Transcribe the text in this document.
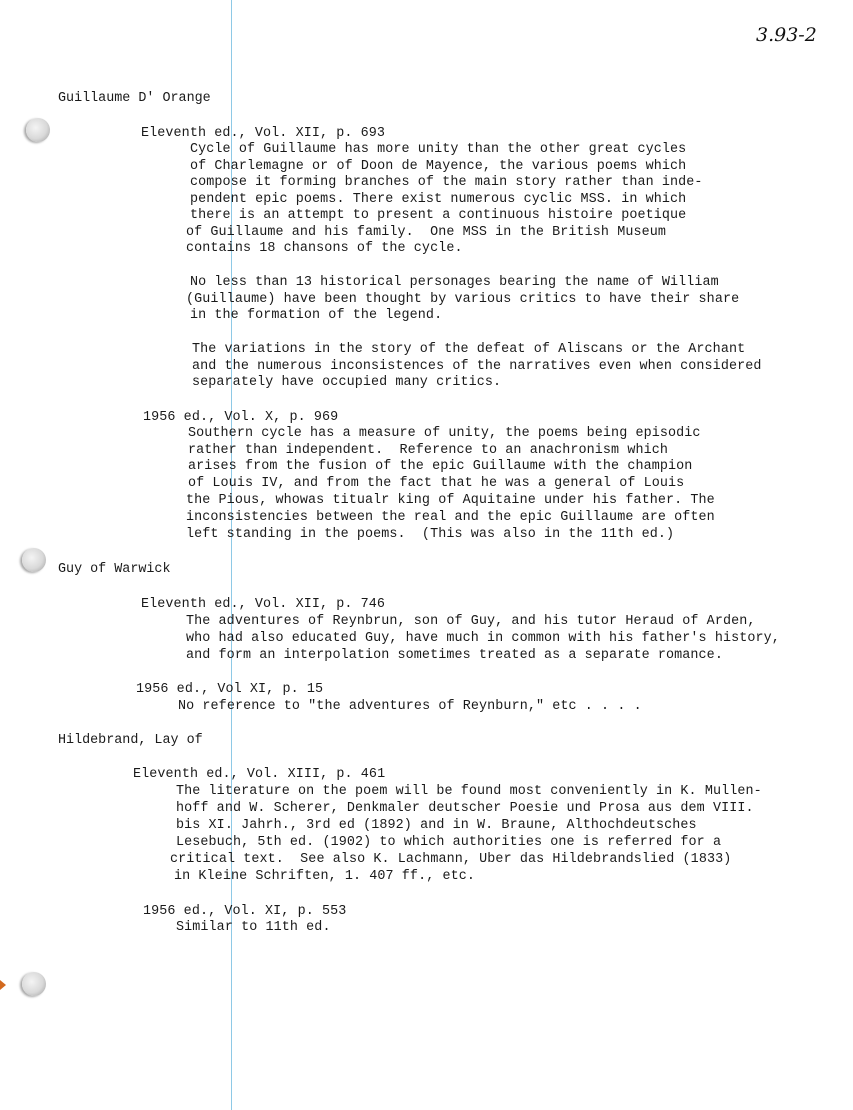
3.93-2
Guillaume D' Orange
Eleventh ed., Vol. XII, p. 693
Cycle of Guillaume has more unity than the other great cycles
of Charlemagne or of Doon de Mayence, the various poems which
compose it forming branches of the main story rather than inde-
pendent epic poems. There exist numerous cyclic MSS. in which
there is an attempt to present a continuous histoire poetique
of Guillaume and his family.  One MSS in the British Museum
contains 18 chansons of the cycle.
No less than 13 historical personages bearing the name of William
(Guillaume) have been thought by various critics to have their share
in the formation of the legend.
The variations in the story of the defeat of Aliscans or the Archant
and the numerous inconsistences of the narratives even when considered
separately have occupied many critics.
1956 ed., Vol. X, p. 969
Southern cycle has a measure of unity, the poems being episodic
rather than independent.  Reference to an anachronism which
arises from the fusion of the epic Guillaume with the champion
of Louis IV, and from the fact that he was a general of Louis
the Pious, whowas titualr king of Aquitaine under his father. The
inconsistencies between the real and the epic Guillaume are often
left standing in the poems.  (This was also in the 11th ed.)
Guy of Warwick
Eleventh ed., Vol. XII, p. 746
The adventures of Reynbrun, son of Guy, and his tutor Heraud of Arden,
who had also educated Guy, have much in common with his father's history,
and form an interpolation sometimes treated as a separate romance.
1956 ed., Vol XI, p. 15
No reference to "the adventures of Reynburn," etc . . . .
Hildebrand, Lay of
Eleventh ed., Vol. XIII, p. 461
The literature on the poem will be found most conveniently in K. Mullen-
hoff and W. Scherer, Denkmaler deutscher Poesie und Prosa aus dem VIII.
bis XI. Jahrh., 3rd ed (1892) and in W. Braune, Althochdeutsches
Lesebuch, 5th ed. (1902) to which authorities one is referred for a
critical text.  See also K. Lachmann, Uber das Hildebrandslied (1833)
in Kleine Schriften, 1. 407 ff., etc.
1956 ed., Vol. XI, p. 553
Similar to 11th ed.
